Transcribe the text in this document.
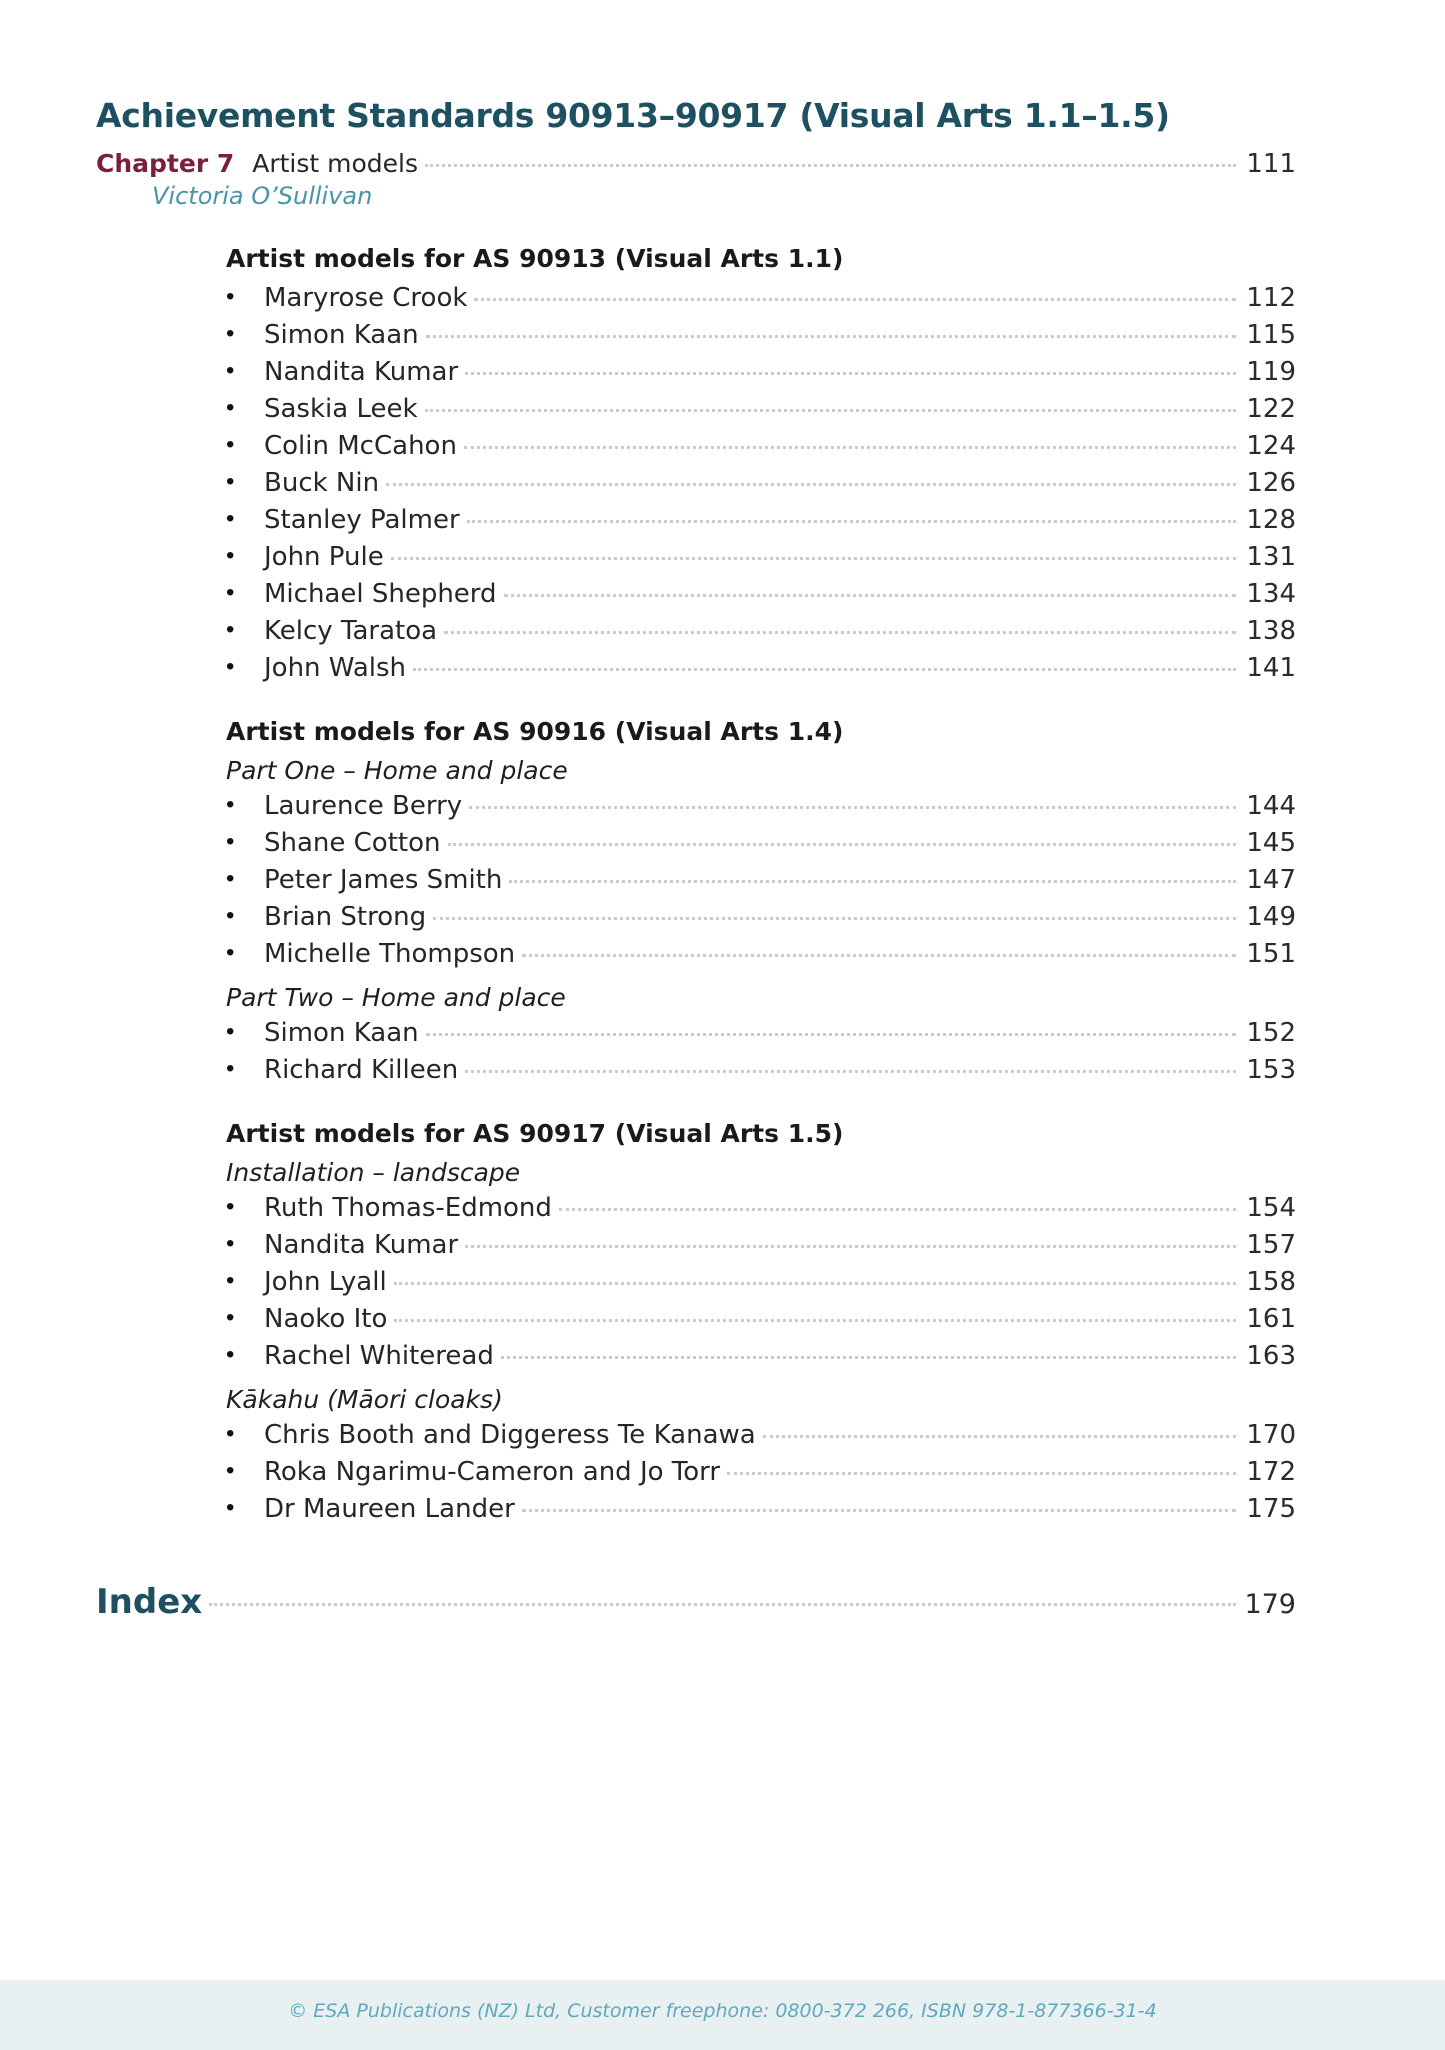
Achievement Standards 90913–90917 (Visual Arts 1.1–1.5)
Chapter 7 Artist models	111
Victoria O’Sullivan
Artist models for AS 90913 (Visual Arts 1.1)
•	Maryrose Crook	112
•	Simon Kaan	115
•	Nandita Kumar	119
•	Saskia Leek	122
•	Colin McCahon	124
•	Buck Nin	126
•	Stanley Palmer	128
•	John Pule	131
•	Michael Shepherd	134
•	Kelcy Taratoa	138
•	John Walsh	141
Artist models for AS 90916 (Visual Arts 1.4)
Part One – Home and place
•	Laurence Berry	144
•	Shane Cotton	145
•	Peter James Smith	147
•	Brian Strong	149
•	Michelle Thompson	151
Part Two – Home and place
•	Simon Kaan	152
•	Richard Killeen	153
Artist models for AS 90917 (Visual Arts 1.5)
Installation – landscape
•	Ruth Thomas-Edmond	154
•	Nandita Kumar	157
•	John Lyall	158
•	Naoko Ito	161
•	Rachel Whiteread	163
Kākahu (Māori cloaks)
•	Chris Booth and Diggeress Te Kanawa	170
•	Roka Ngarimu-Cameron and Jo Torr	172
•	Dr Maureen Lander	175
Index	179
© ESA Publications (NZ) Ltd, Customer freephone: 0800-372 266, ISBN 978-1-877366-31-4
